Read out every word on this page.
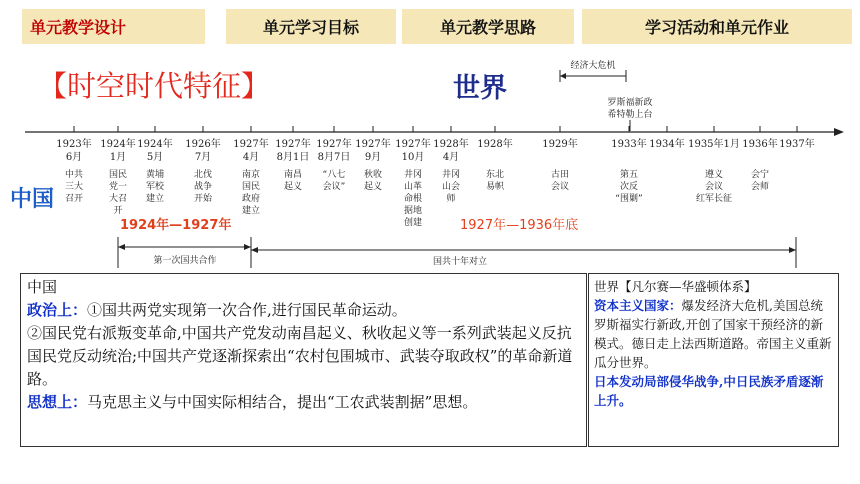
单元教学设计	单元学习目标	单元教学思路	学习活动和单元作业
【时空时代特征】	世界
中国
经济大危机
罗斯福新政
希特勒上台
1923年
6月
中共
三大
召开
1924年
1月
国民
党一
大召
开
1924年
5月
黄埔
军校
建立
1926年
7月
北伐
战争
开始
1927年
4月
南京
国民
政府
建立
1927年
8月1日
南昌
起义
1927年
8月7日
“八七
会议”
1927年
9月
秋收
起义
1927年
10月
井冈
山革
命根
据地
创建
1928年
4月
井冈
山会
师
1928年
东北
易帜
1929年
古田
会议
1933年
第五
次反
“围剿”
1934年 1935年1月
遵义
会议
红军长征
1936年
会宁
会师
1937年
1924年—1927年	1927年—1936年底
第一次国共合作	国共十年对立

中国

政治上：①国共两党实现第一次合作,进行国民革命运动。

②国民党右派叛变革命,中国共产党发动南昌起义、秋收起义等一系列武装起义反抗国民党反动统治;中国共产党逐渐探索出“农村包围城市、武装夺取政权”的革命新道路。

思想上：马克思主义与中国实际相结合，提出“工农武装割据”思想。

世界【凡尔赛—华盛顿体系】

资本主义国家：爆发经济大危机,美国总统罗斯福实行新政,开创了国家干预经济的新模式。德日走上法西斯道路。帝国主义重新瓜分世界。

日本发动局部侵华战争,中日民族矛盾逐渐上升。
